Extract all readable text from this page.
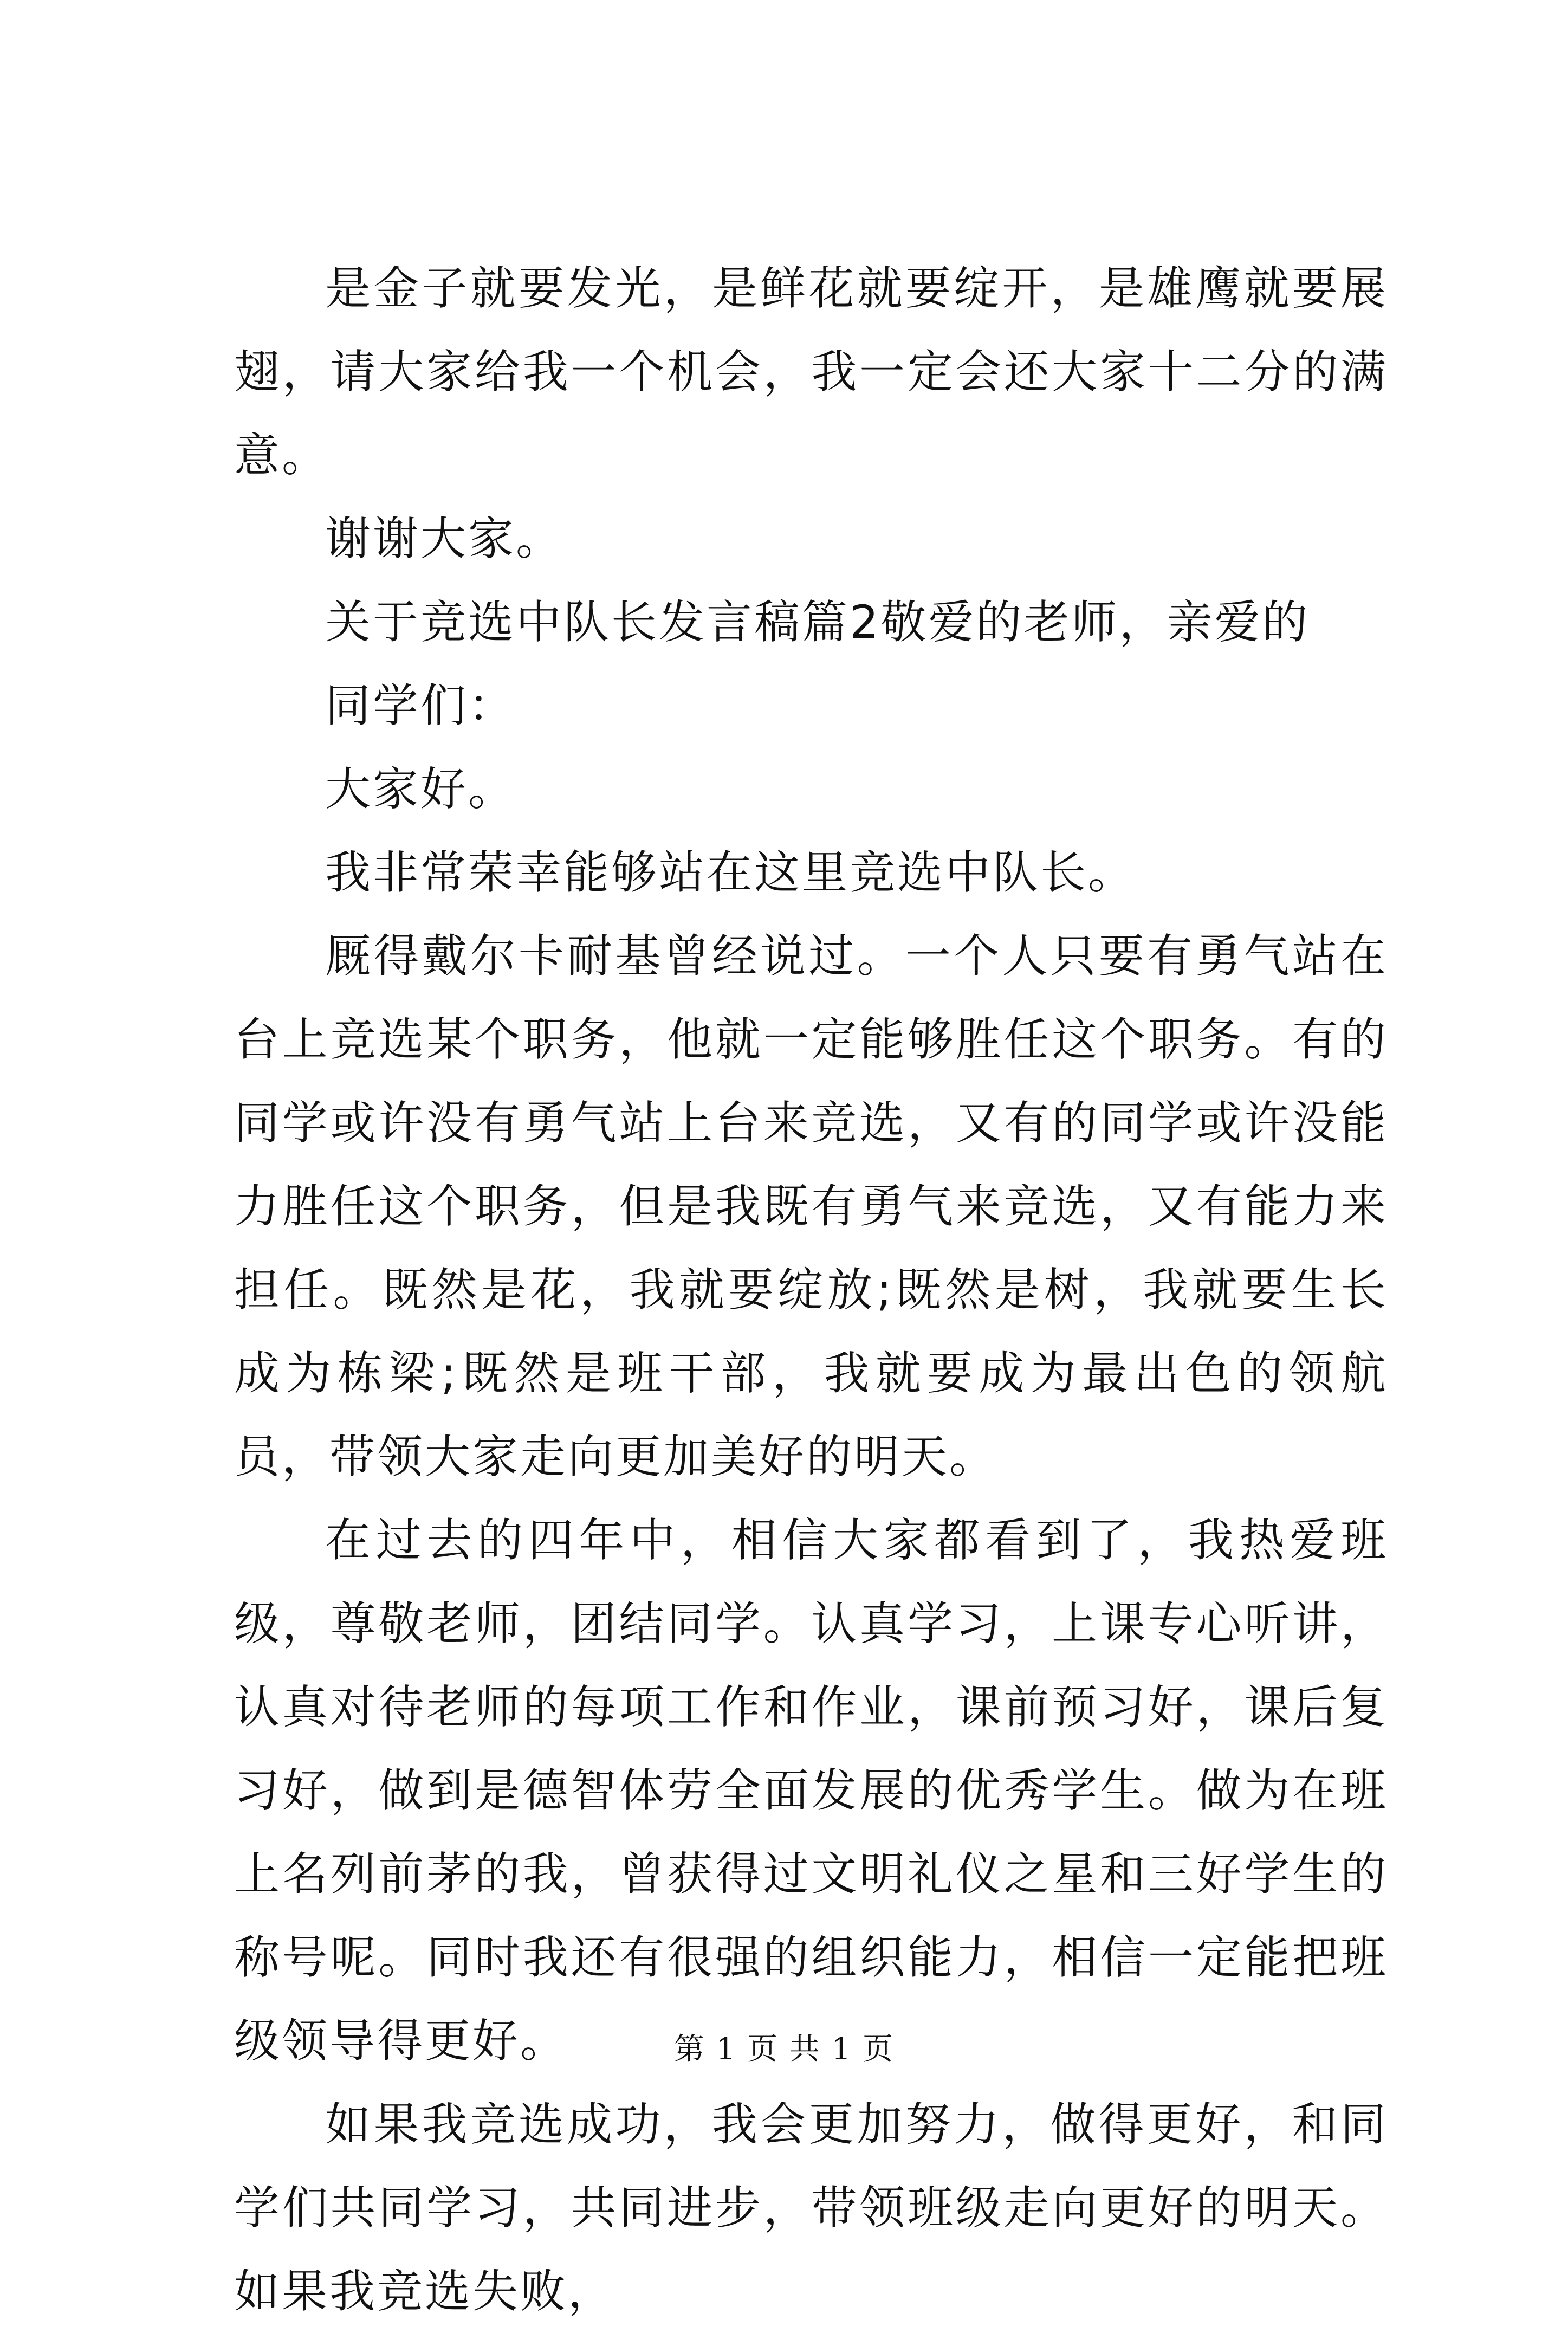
是金子就要发光，是鲜花就要绽开，是雄鹰就要展翅，请大家给我一个机会，我一定会还大家十二分的满意。

谢谢大家。

关于竞选中队长发言稿篇2敬爱的老师，亲爱的

同学们：

大家好。

我非常荣幸能够站在这里竞选中队长。

厩得戴尔卡耐基曾经说过。一个人只要有勇气站在台上竞选某个职务，他就一定能够胜任这个职务。有的同学或许没有勇气站上台来竞选，又有的同学或许没能力胜任这个职务，但是我既有勇气来竞选，又有能力来担任。既然是花，我就要绽放;既然是树，我就要生长成为栋梁;既然是班干部，我就要成为最出色的领航员，带领大家走向更加美好的明天。

在过去的四年中，相信大家都看到了，我热爱班级，尊敬老师，团结同学。认真学习，上课专心听讲，认真对待老师的每项工作和作业，课前预习好，课后复习好，做到是德智体劳全面发展的优秀学生。做为在班上名列前茅的我，曾获得过文明礼仪之星和三好学生的称号呢。同时我还有很强的组织能力，相信一定能把班级领导得更好。

如果我竞选成功，我会更加努力，做得更好，和同学们共同学习，共同进步，带领班级走向更好的明天。如果我竞选失败，

第 1 页 共 1 页
